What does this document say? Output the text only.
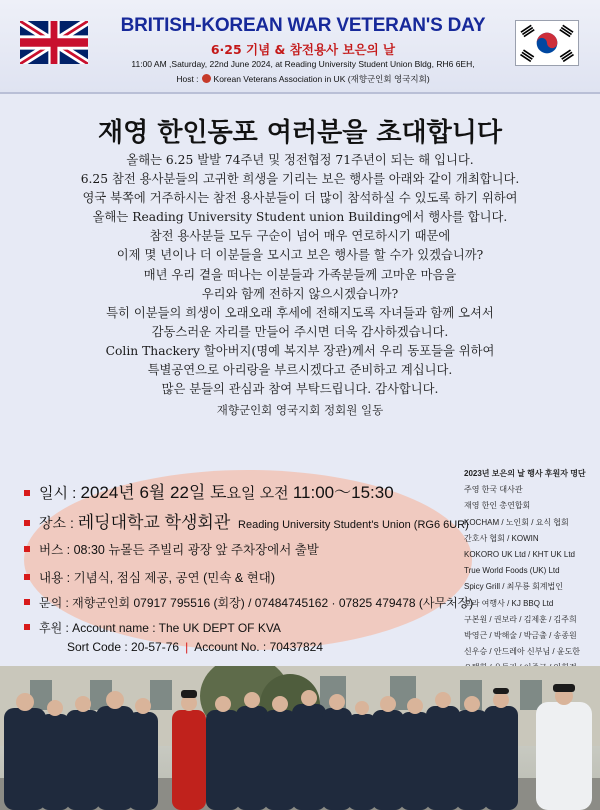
BRITISH-KOREAN WAR VETERAN'S DAY
6·25 기념 & 참전용사 보은의 날
11:00 AM ,Saturday, 22nd June 2024, at Reading University Student Union Bldg, RH6 6EH,
Host : Korean Veterans Association in UK (재향군인회 영국지회)
재영 한인동포 여러분을 초대합니다
올해는 6.25 발발 74주년 및 정전협정 71주년이 되는 해 입니다.
6.25 참전 용사분들의 고귀한 희생을 기리는 보은 행사를 아래와 같이 개최합니다.
영국 북쪽에 거주하시는 참전 용사분들이 더 많이 참석하실 수 있도록 하기 위하여
올해는 Reading University Student union Building에서 행사를 합니다.
참전 용사분들 모두 구순이 넘어 매우 연로하시기 때문에
이제 몇 년이나 더 이분들을 모시고 보은 행사를 할 수가 있겠습니까?
매년 우리 곁을 떠나는 이분들과 가족분들께 고마운 마음을
우리와 함께 전하지 않으시겠습니까?
특히 이분들의 희생이 오래오래 후세에 전해지도록 자녀들과 함께 오셔서
감동스러운 자리를 만들어 주시면 더욱 감사하겠습니다.
Colin Thackery 할아버지(명예 복지부 장관)께서 우리 동포들을 위하여
특별공연으로 아리랑을 부르시겠다고 준비하고 계십니다.
많은 분들의 관심과 참여 부탁드립니다. 감사합니다.
재향군인회 영국지회 정회원 일동
일시 : 2024년 6월 22일 토요일 오전 11:00～15:30
장소 : 레딩대학교 학생회관 Reading University Student's Union (RG6 6UR)
버스 : 08:30 뉴몰든 주빌리 광장 앞 주차장에서 출발
내용 : 기념식, 점심 제공, 공연 (민속 & 현대)
문의 : 재향군인회 07917 795516 (회장) / 07484745162 · 07825 479478 (사무처장)
후원 : Account name : The UK DEPT OF KVA
Sort Code : 20-57-76 | Account No. : 70437824
2023년 보은의 날 행사 후원자 명단
주영 한국 대사관
재영 한인 총연합회
KOCHAM / 노인회 / 요식 협회
간호사 협회 / KOWIN
KOKORO UK Ltd / KHT UK Ltd
True World Foods (UK) Ltd
Spicy Grill / 최무룡 회계법인
보라 여행사 / KJ BBQ Ltd
구본원 / 권보라 / 김제훈 / 김주희
박영근 / 박해술 / 박금출 / 송종원
신우승 / 안드레아 신부님 / 윤도한
